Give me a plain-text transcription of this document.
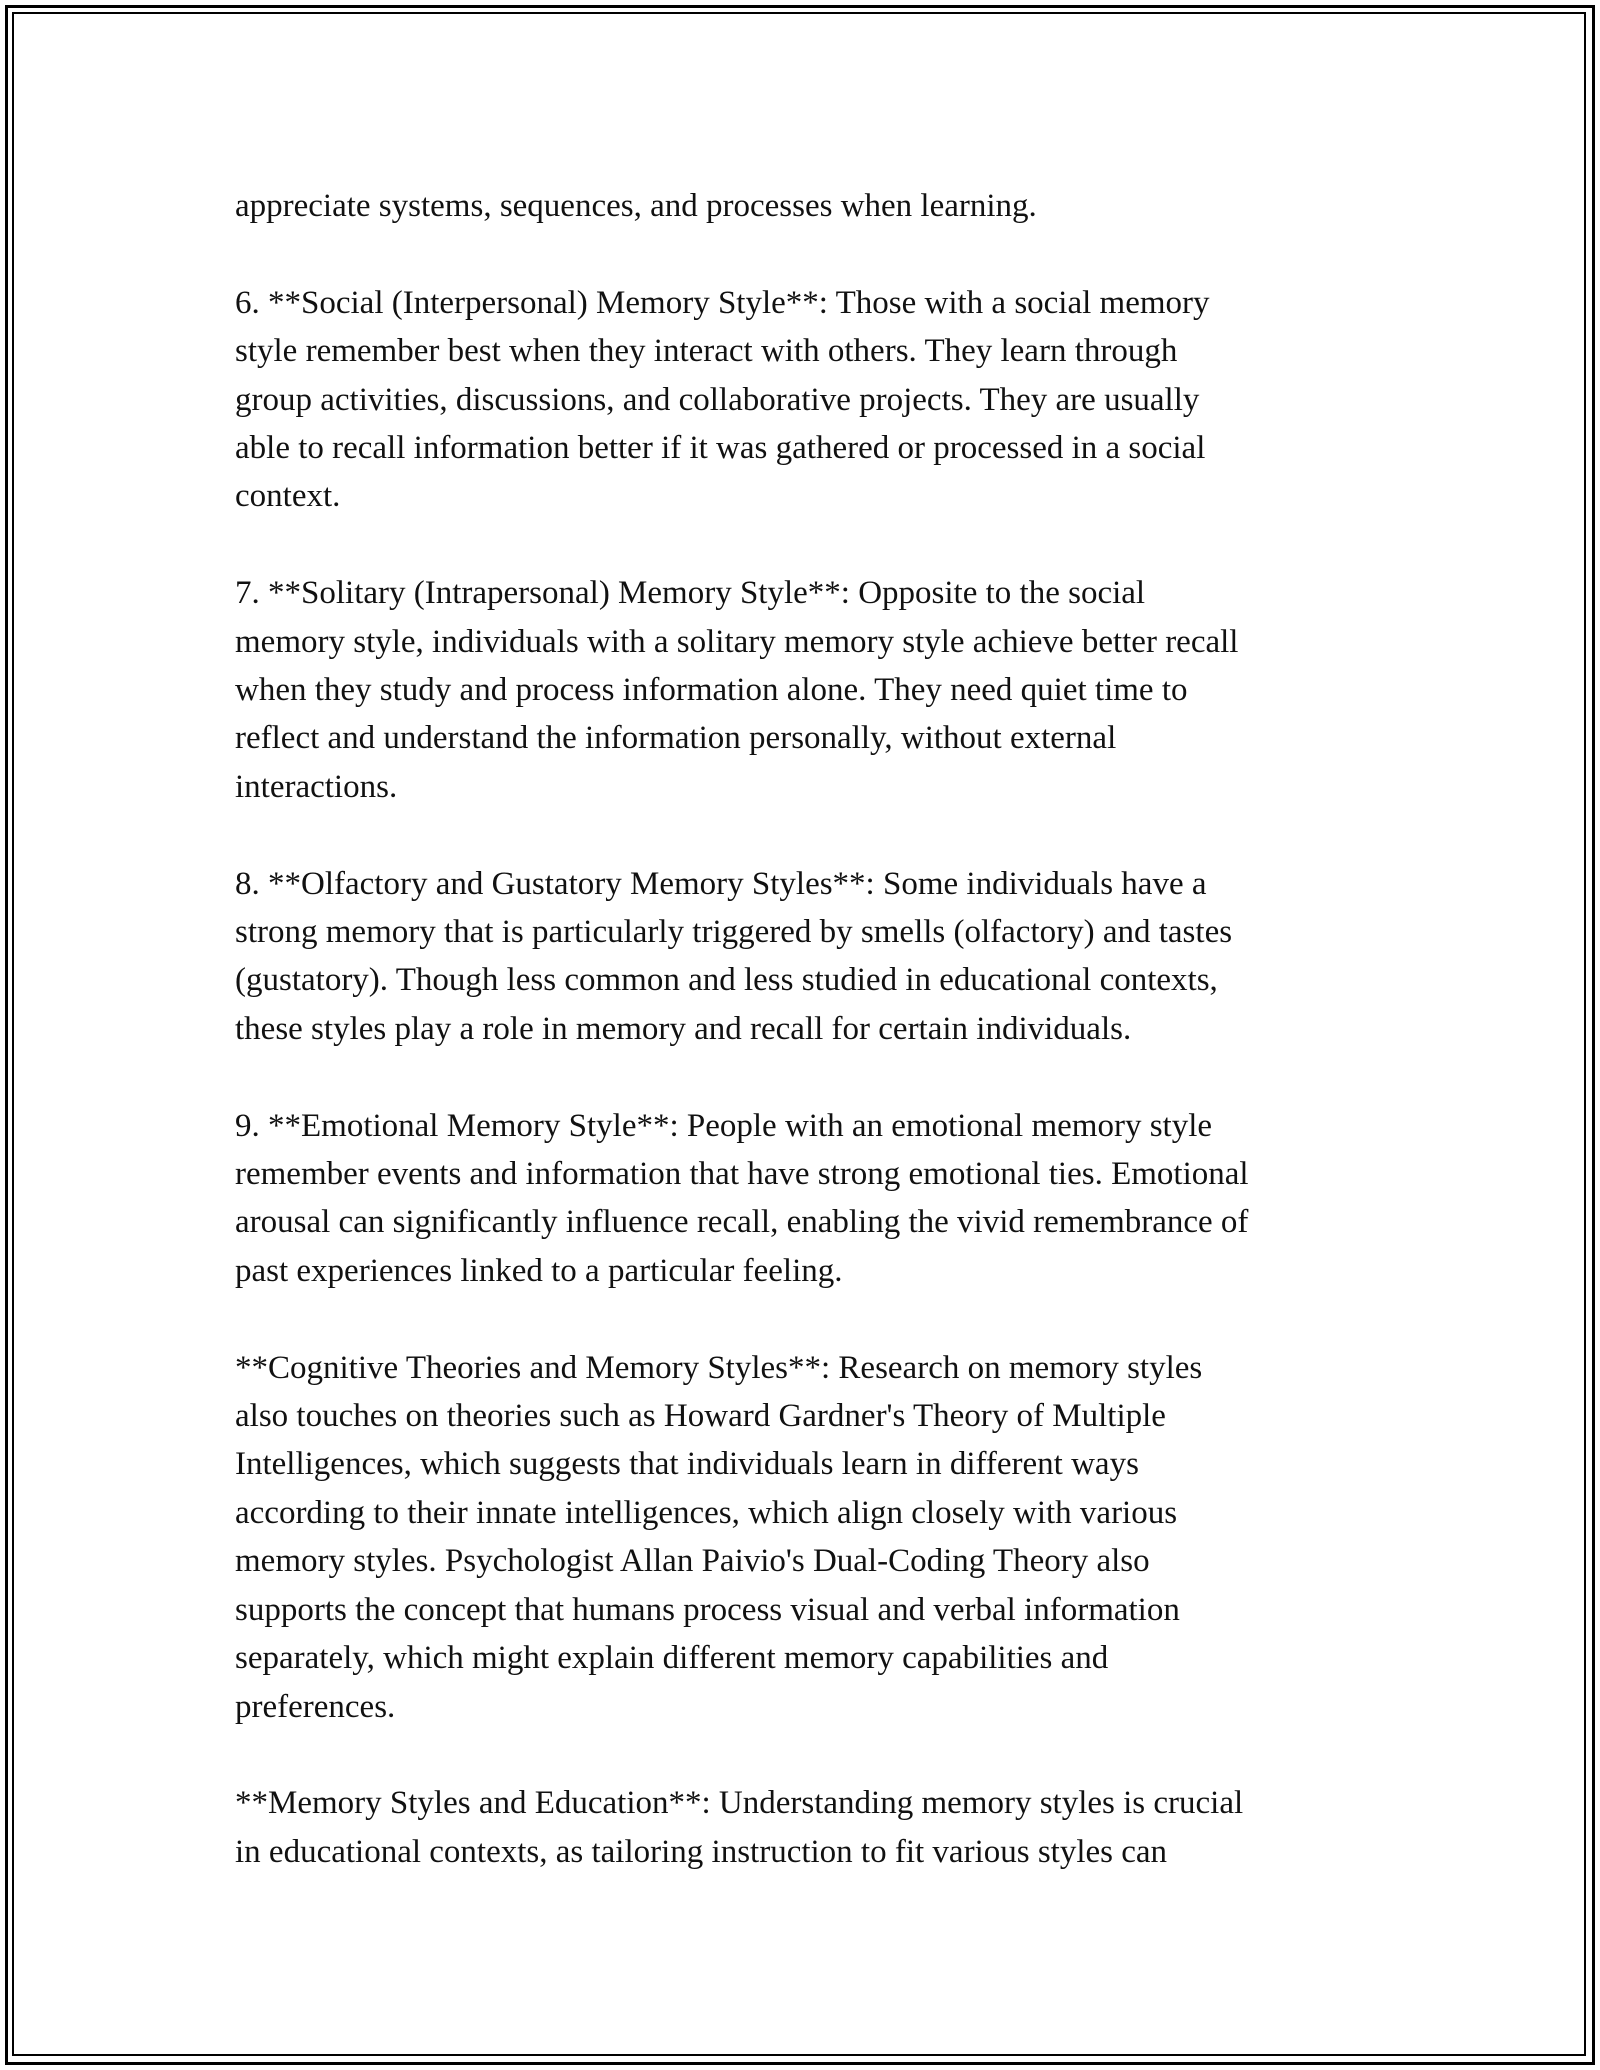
appreciate systems, sequences, and processes when learning.

6. **Social (Interpersonal) Memory Style**: Those with a social memory
style remember best when they interact with others. They learn through
group activities, discussions, and collaborative projects. They are usually
able to recall information better if it was gathered or processed in a social
context.

7. **Solitary (Intrapersonal) Memory Style**: Opposite to the social
memory style, individuals with a solitary memory style achieve better recall
when they study and process information alone. They need quiet time to
reflect and understand the information personally, without external
interactions.

8. **Olfactory and Gustatory Memory Styles**: Some individuals have a
strong memory that is particularly triggered by smells (olfactory) and tastes
(gustatory). Though less common and less studied in educational contexts,
these styles play a role in memory and recall for certain individuals.

9. **Emotional Memory Style**: People with an emotional memory style
remember events and information that have strong emotional ties. Emotional
arousal can significantly influence recall, enabling the vivid remembrance of
past experiences linked to a particular feeling.

**Cognitive Theories and Memory Styles**: Research on memory styles
also touches on theories such as Howard Gardner's Theory of Multiple
Intelligences, which suggests that individuals learn in different ways
according to their innate intelligences, which align closely with various
memory styles. Psychologist Allan Paivio's Dual-Coding Theory also
supports the concept that humans process visual and verbal information
separately, which might explain different memory capabilities and
preferences.

**Memory Styles and Education**: Understanding memory styles is crucial
in educational contexts, as tailoring instruction to fit various styles can
